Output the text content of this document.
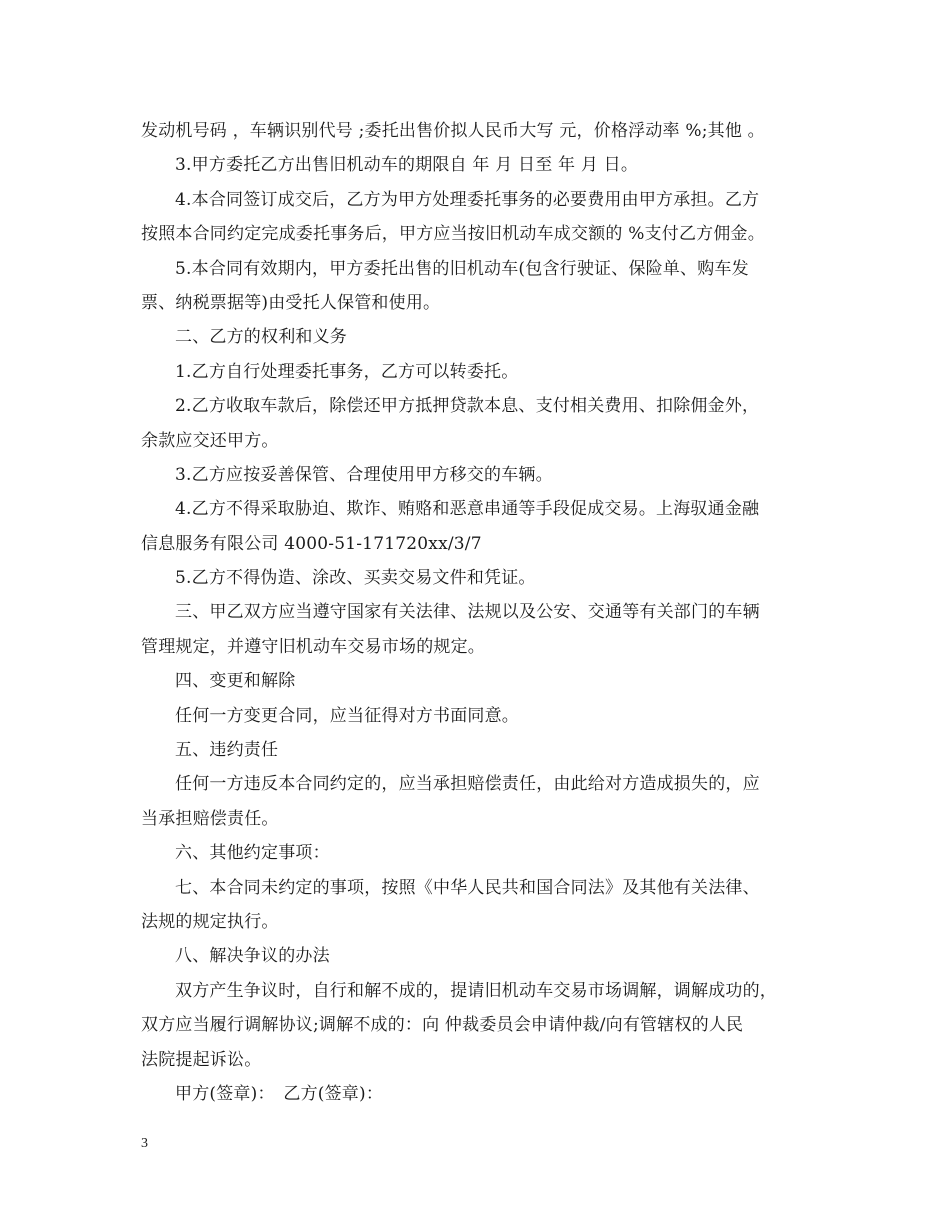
发动机号码 ，车辆识别代号 ;委托出售价拟人民币大写 元，价格浮动率 %;其他 。
3.甲方委托乙方出售旧机动车的期限自 年 月 日至 年 月 日。
4.本合同签订成交后，乙方为甲方处理委托事务的必要费用由甲方承担。乙方
按照本合同约定完成委托事务后，甲方应当按旧机动车成交额的 %支付乙方佣金。
5.本合同有效期内，甲方委托出售的旧机动车(包含行驶证、保险单、购车发
票、纳税票据等)由受托人保管和使用。
二、乙方的权利和义务
1.乙方自行处理委托事务，乙方可以转委托。
2.乙方收取车款后，除偿还甲方抵押贷款本息、支付相关费用、扣除佣金外，
余款应交还甲方。
3.乙方应按妥善保管、合理使用甲方移交的车辆。
4.乙方不得采取胁迫、欺诈、贿赂和恶意串通等手段促成交易。上海驭通金融
信息服务有限公司 4000-51-171720xx/3/7
5.乙方不得伪造、涂改、买卖交易文件和凭证。
三、甲乙双方应当遵守国家有关法律、法规以及公安、交通等有关部门的车辆
管理规定，并遵守旧机动车交易市场的规定。
四、变更和解除
任何一方变更合同，应当征得对方书面同意。
五、违约责任
任何一方违反本合同约定的，应当承担赔偿责任，由此给对方造成损失的，应
当承担赔偿责任。
六、其他约定事项：
七、本合同未约定的事项，按照《中华人民共和国合同法》及其他有关法律、
法规的规定执行。
八、解决争议的办法
双方产生争议时，自行和解不成的，提请旧机动车交易市场调解，调解成功的，
双方应当履行调解协议;调解不成的：向 仲裁委员会申请仲裁/向有管辖权的人民
法院提起诉讼。
甲方(签章)：　乙方(签章)：
3
